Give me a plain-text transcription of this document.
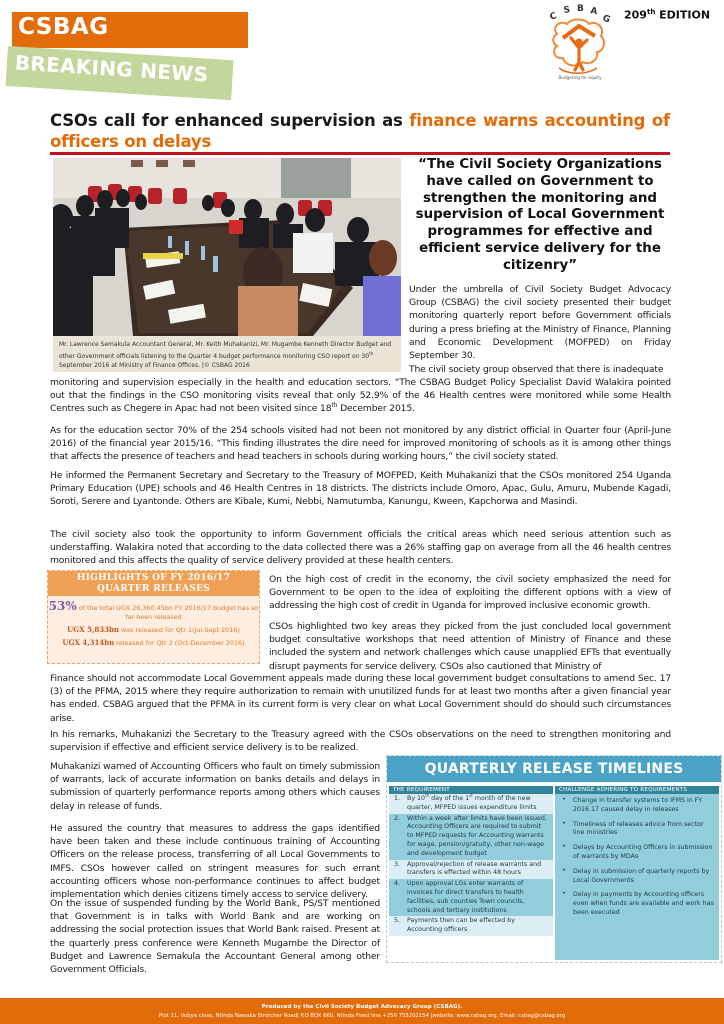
CSBAG
BREAKING NEWS
C
S B A
G
Budgeting for equity
209th EDITION
CSOs call for enhanced supervision as finance warns accounting of officers on delays
Mr. Lawrence Semakula Accountant General, Mr. Keith Muhakanizi, Mr. Mugambe Kenneth Director Budget and other Government officials listening to the Quarter 4 budget performance monitoring CSO report on 30th September 2016 at Ministry of Finance Offices. |© CSBAG 2016
“The Civil Society Organizations have called on Government to strengthen the monitoring and supervision of Local Government programmes for effective and efficient service delivery for the citizenry”
Under the umbrella of Civil Society Budget Advocacy Group (CSBAG) the civil society presented their budget monitoring quarterly report before Government officials during a press briefing at the Ministry of Finance, Planning and Economic Development (MOFPED) on Friday September 30.
The civil society group observed that there is inadequate
monitoring and supervision especially in the health and education sectors. “The CSBAG Budget Policy Specialist David Walakira pointed out that the findings in the CSO monitoring visits reveal that only 52.9% of the 46 Health centres were monitored while some Health Centres such as Chegere in Apac had not been visited since 18th December 2015.
As for the education sector 70% of the 254 schools visited had not been not monitored by any district official in Quarter four (April-June 2016) of the financial year 2015/16. “This finding illustrates the dire need for improved monitoring of schools as it is among other things that affects the presence of teachers and head teachers in schools during working hours,” the civil society stated.
He informed the Permanent Secretary and Secretary to the Treasury of MOFPED, Keith Muhakanizi that the CSOs monitored 254 Uganda Primary Education (UPE) schools and 46 Health Centres in 18 districts. The districts include Omoro, Apac, Gulu, Amuru, Mubende Kagadi, Soroti, Serere and Lyantonde. Others are Kibale, Kumi, Nebbi, Namutumba, Kanungu, Kween, Kapchorwa and Masindi.
The civil society also took the opportunity to inform Government officials the critical areas which need serious attention such as understaffing. Walakira noted that according to the data collected there was a 26% staffing gap on average from all the 46 health centres monitored and this affects the quality of service delivery provided at these health centers.
HIGHLIGHTS OF FY 2016/17
QUARTER RELEASES
53% of the total UGX 26,360.45bn FY 2016/17 budget has so far been released
UGX 5,833bn was released for Qtr 1(Jul-Sept 2016)
UGX 4,314bn released for Qtr 2 (Oct-December 2016)
On the high cost of credit in the economy, the civil society emphasized the need for Government to be open to the idea of exploiting the different options with a view of addressing the high cost of credit in Uganda for improved inclusive economic growth.
CSOs highlighted two key areas they picked from the just concluded local government budget consultative workshops that need attention of Ministry of Finance and these included the system and network challenges which cause unapplied EFTs that eventually disrupt payments for service delivery. CSOs also cautioned that Ministry of
Finance should not accommodate Local Government appeals made during these local government budget consultations to amend Sec. 17 (3) of the PFMA, 2015 where they require authorization to remain with unutilized funds for at least two months after a given financial year has ended. CSBAG argued that the PFMA in its current form is very clear on what Local Government should do should such circumstances arise.
In his remarks, Muhakanizi the Secretary to the Treasury agreed with the CSOs observations on the need to strengthen monitoring and supervision if effective and efficient service delivery is to be realized.
Muhakanizi warned of Accounting Officers who fault on timely submission of warrants, lack of accurate information on banks details and delays in submission of quarterly performance reports among others which causes delay in release of funds.
He assured the country that measures to address the gaps identified have been taken and these include continuous training of Accounting Officers on the release process, transferring of all Local Governments to IMFS. CSOs however called on stringent measures for such errant accounting officers whose non-performance continues to affect budget implementation which denies citizens timely access to service delivery.
On the issue of suspended funding by the World Bank, PS/ST mentioned that Government is in talks with World Bank and are working on addressing the social protection issues that World Bank raised. Present at the quarterly press conference were Kenneth Mugambe the Director of Budget and Lawrence Semakula the Accountant General among other Government Officials.
QUARTERLY RELEASE TIMELINES
THE REQUIREMENT
1. By 10th day of the 1st month of the new quarter, MFPED issues expenditure limits
2. Within a week after limits have been issued, Accounting Officers are required to submit to MFPED requests for Accounting warrants for wage, pension/gratuity, other non-wage and development budget
3. Approval/rejection of release warrants and transfers is effected within 48 hours
4. Upon approval LGs enter warrants of invoices for direct transfers to health facilities, sub counties Town councils, schools and tertiary institutions
5. Payments then can be effected by Accounting officers
CHALLENGE ADHERING TO REQUIREMENTS
• Change in transfer systems to IFMS in FY 2016.17 caused delay in releases
• Timeliness of releases advice from sector line ministries
• Delays by Accounting Officers in submission of warrants by MDAs
• Delay in submission of quarterly reports by Local Governments
• Delay in payments by Accounting officers even when funds are available and work has been executed
Produced by the Civil Society Budget Advocacy Group (CSBAG).
Plot 11, Vubya close, Ntinda Nawaka Stretcher Road| P.O BOX 660, Ntinda Fixed line +256 755202154 |website: www.csbag.org, Email: csbag@csbag.org
